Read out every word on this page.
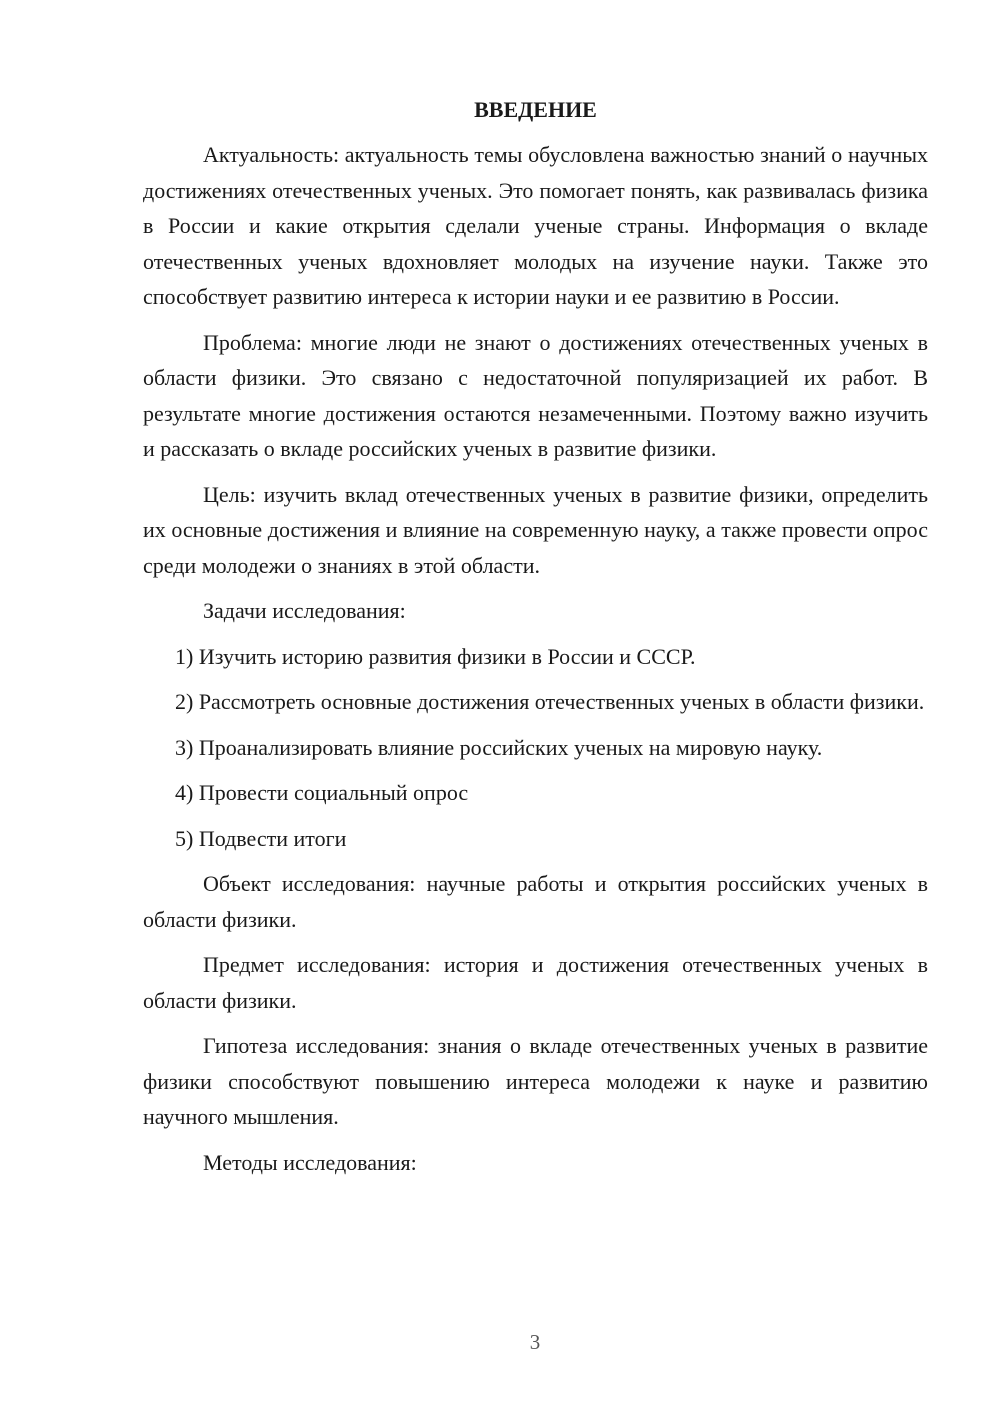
ВВЕДЕНИЕ

Актуальность: актуальность темы обусловлена важностью знаний о научных достижениях отечественных ученых. Это помогает понять, как развивалась физика в России и какие открытия сделали ученые страны. Информация о вкладе отечественных ученых вдохновляет молодых на изучение науки. Также это способствует развитию интереса к истории науки и ее развитию в России.

Проблема: многие люди не знают о достижениях отечественных ученых в области физики. Это связано с недостаточной популяризацией их работ. В результате многие достижения остаются незамеченными. Поэтому важно изучить и рассказать о вкладе российских ученых в развитие физики.

Цель: изучить вклад отечественных ученых в развитие физики, определить их основные достижения и влияние на современную науку, а также провести опрос среди молодежи о знаниях в этой области.

Задачи исследования:

1) Изучить историю развития физики в России и СССР.

2) Рассмотреть основные достижения отечественных ученых в области физики.

3) Проанализировать влияние российских ученых на мировую науку.

4) Провести социальный опрос

5) Подвести итоги

Объект исследования: научные работы и открытия российских ученых в области физики.

Предмет исследования: история и достижения отечественных ученых в области физики.

Гипотеза исследования: знания о вкладе отечественных ученых в развитие физики способствуют повышению интереса молодежи к науке и развитию научного мышления.

Методы исследования:

3
